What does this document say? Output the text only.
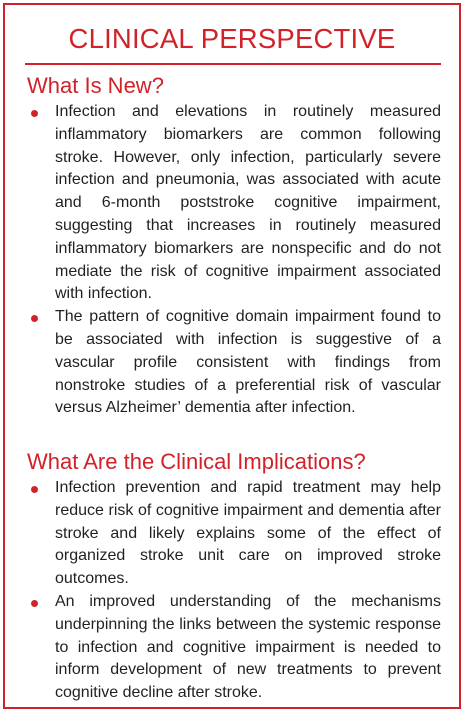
CLINICAL PERSPECTIVE
What Is New?
Infection and elevations in routinely measured inflammatory biomarkers are common following stroke. However, only infection, particularly severe infection and pneumonia, was associated with acute and 6-month poststroke cognitive impairment, suggesting that increases in routinely measured inflammatory biomarkers are nonspecific and do not mediate the risk of cognitive impairment associated with infection.
The pattern of cognitive domain impairment found to be associated with infection is suggestive of a vascular profile consistent with findings from nonstroke studies of a preferential risk of vascular versus Alzheimer’ dementia after infection.
What Are the Clinical Implications?
Infection prevention and rapid treatment may help reduce risk of cognitive impairment and dementia after stroke and likely explains some of the effect of organized stroke unit care on improved stroke outcomes.
An improved understanding of the mechanisms underpinning the links between the systemic response to infection and cognitive impairment is needed to inform development of new treatments to prevent cognitive decline after stroke.
